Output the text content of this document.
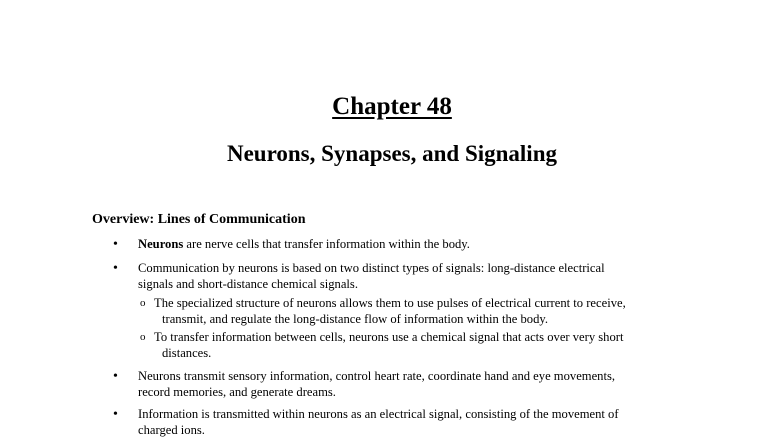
Chapter 48
Neurons, Synapses, and Signaling
Overview: Lines of Communication
• Neurons are nerve cells that transfer information within the body.
• Communication by neurons is based on two distinct types of signals: long-distance electrical
signals and short-distance chemical signals.
o The specialized structure of neurons allows them to use pulses of electrical current to receive,
transmit, and regulate the long-distance flow of information within the body.
o To transfer information between cells, neurons use a chemical signal that acts over very short
distances.
• Neurons transmit sensory information, control heart rate, coordinate hand and eye movements,
record memories, and generate dreams.
• Information is transmitted within neurons as an electrical signal, consisting of the movement of
charged ions.
